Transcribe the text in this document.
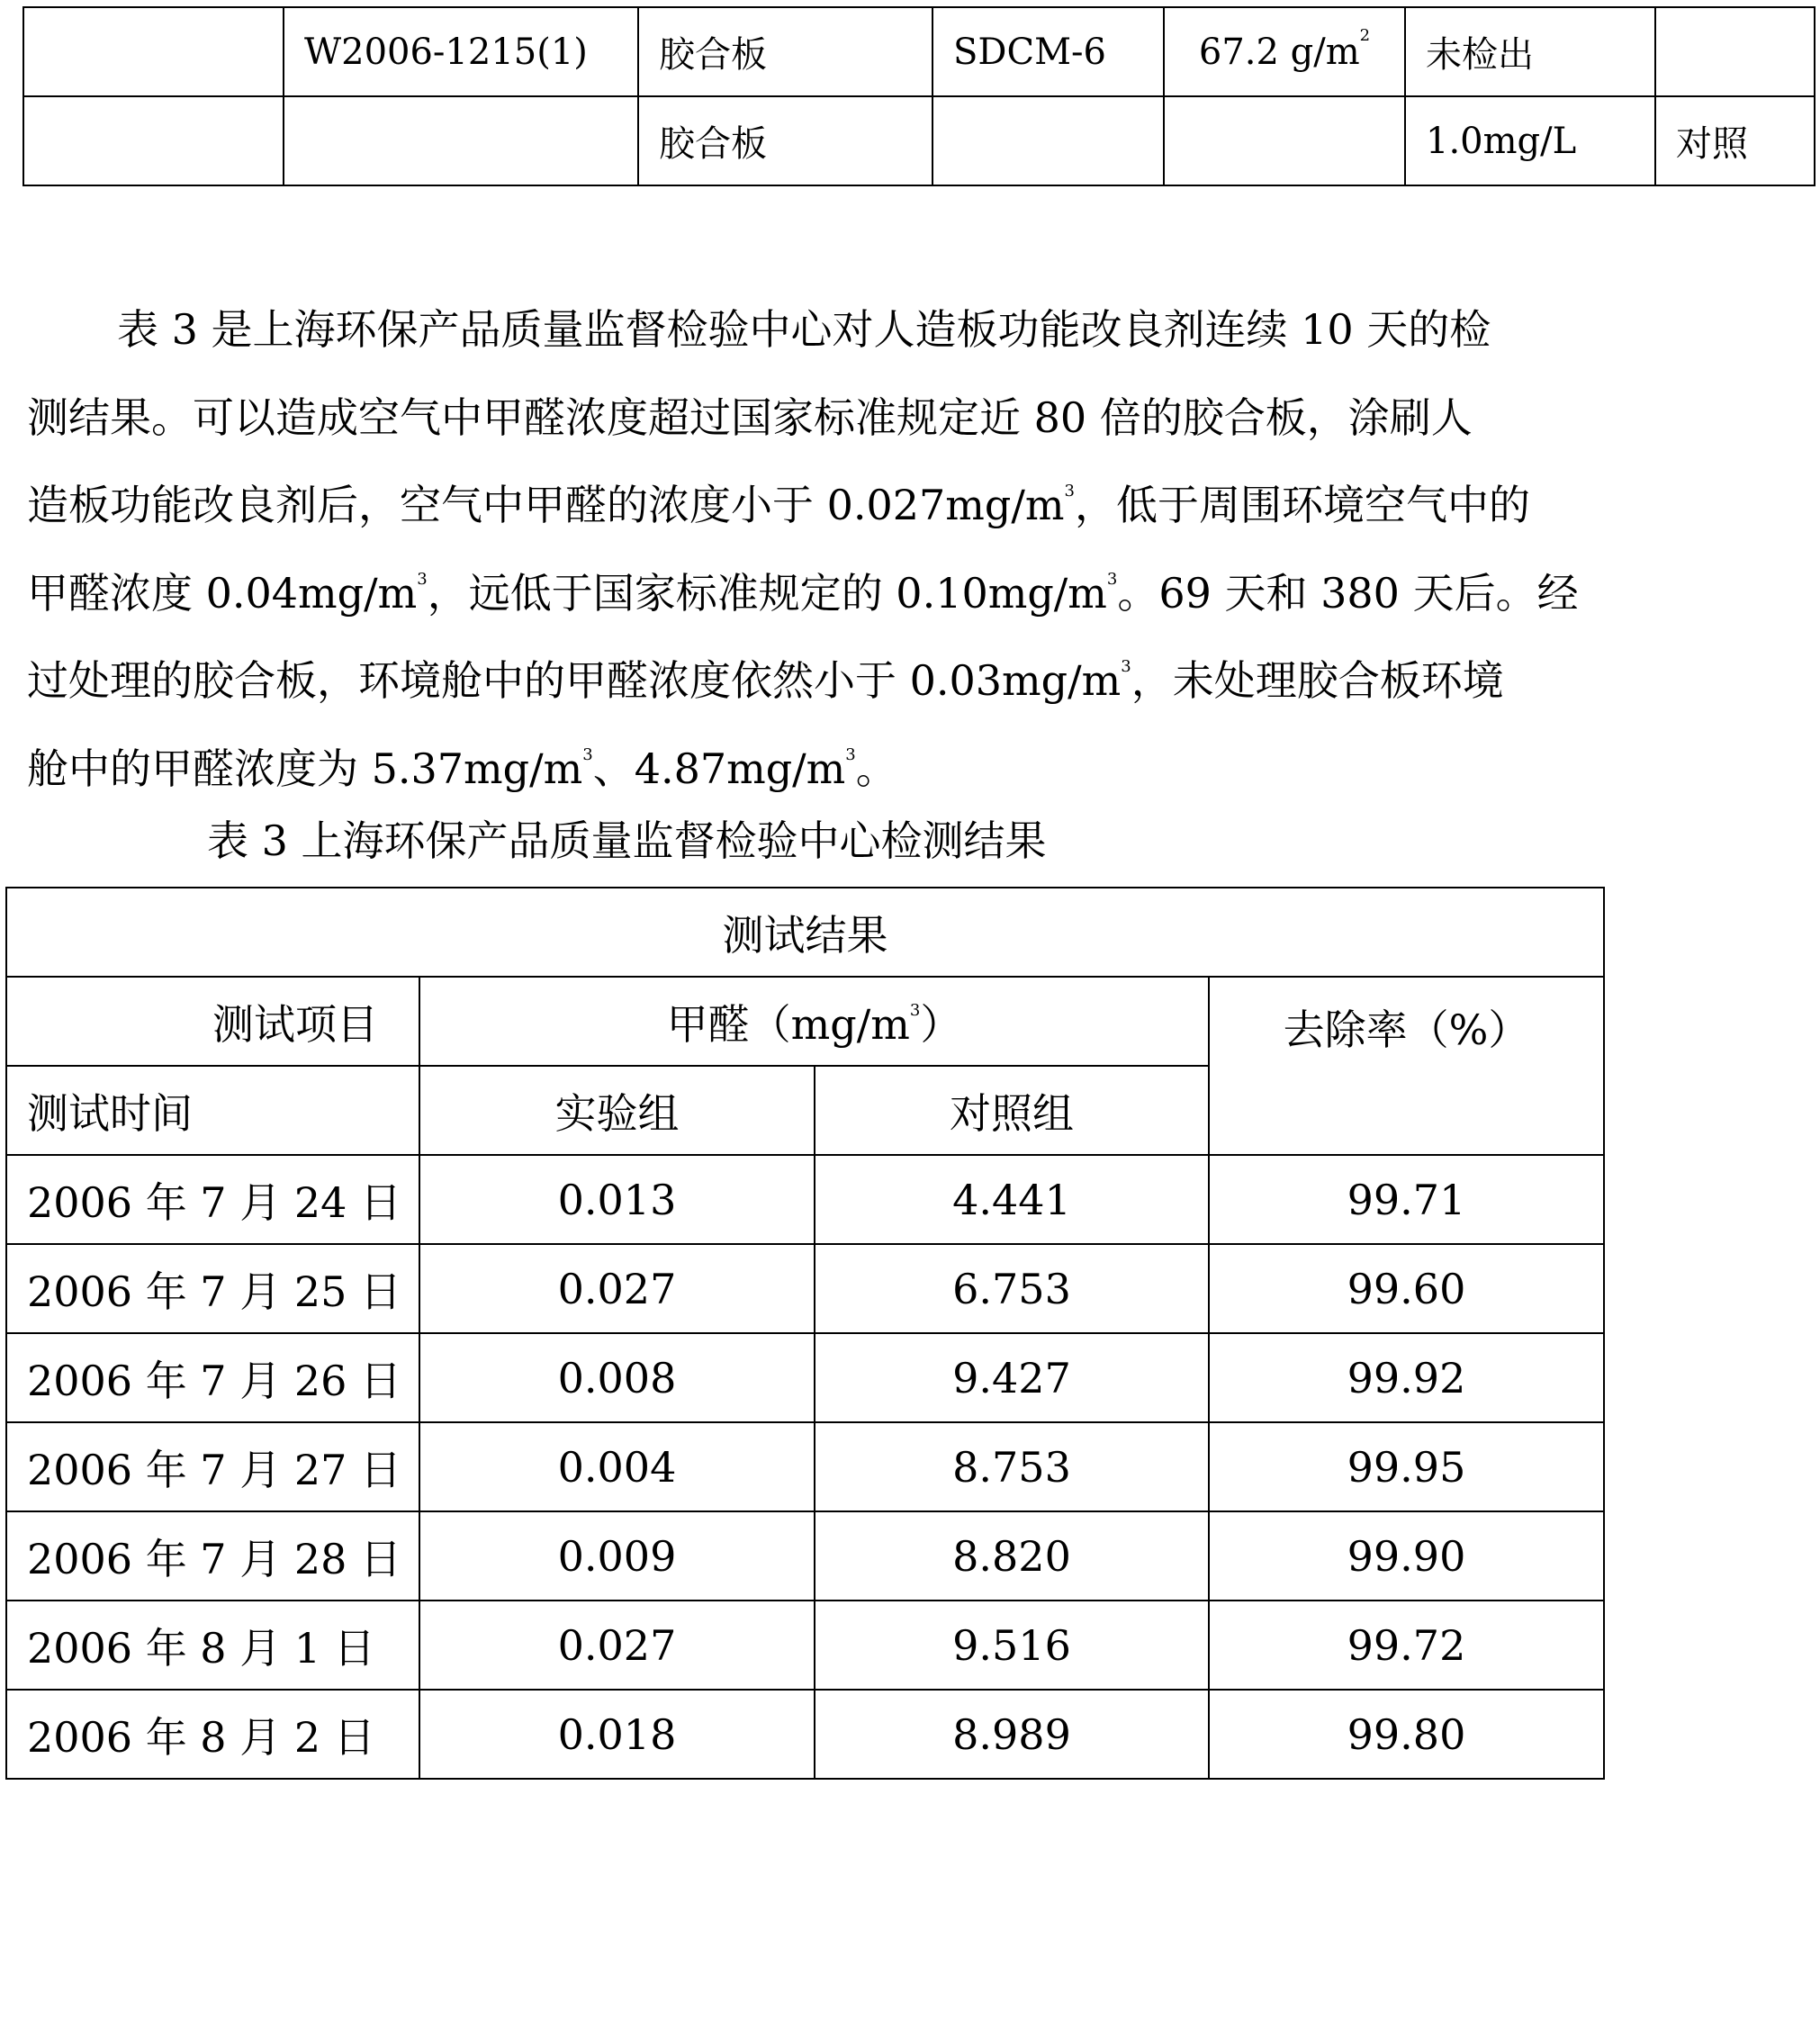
	W2006-1215(1)	胶合板	SDCM-6	67.2 $g/m^2$	未检出	
		胶合板			1.0mg/L	对照
表 3 是上海环保产品质量监督检验中心对人造板功能改良剂连续 10 天的检
测结果。可以造成空气中甲醛浓度超过国家标准规定近 80 倍的胶合板，涂刷人
造板功能改良剂后，空气中甲醛的浓度小于 $0.027mg/m^3$，低于周围环境空气中的
甲醛浓度 $0.04mg/m^3$，远低于国家标准规定的 $0.10mg/m^3$。69 天和 380 天后。经
过处理的胶合板，环境舱中的甲醛浓度依然小于 $0.03mg/m^3$，未处理胶合板环境
舱中的甲醛浓度为 $5.37mg/m^3$、$4.87mg/m^3$。
表 3 上海环保产品质量监督检验中心检测结果
测试结果			
测试项目	甲醛$(mg/m^3)$		去除率（%）
测试时间	实验组	对照组	
2006 年 7 月 24 日	0.013	4.441	99.71
2006 年 7 月 25 日	0.027	6.753	99.60
2006 年 7 月 26 日	0.008	9.427	99.92
2006 年 7 月 27 日	0.004	8.753	99.95
2006 年 7 月 28 日	0.009	8.820	99.90
2006 年 8 月 1 日	0.027	9.516	99.72
2006 年 8 月 2 日	0.018	8.989	99.80
